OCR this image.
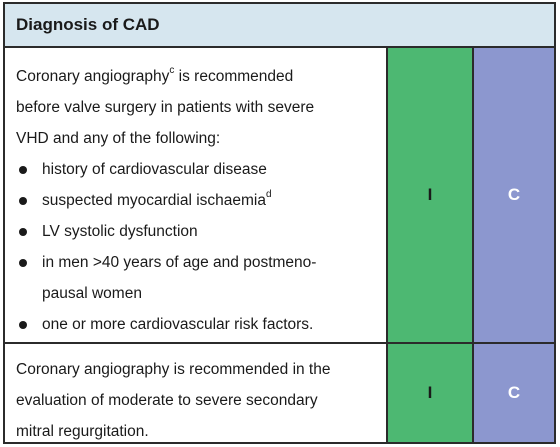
Diagnosis of CAD
Coronary angiography$^c$ is recommended
before valve surgery in patients with severe
VHD and any of the following:
history of cardiovascular disease
suspected myocardial ischaemia$^d$
LV systolic dysfunction
in men >40 years of age and postmeno-
pausal women
one or more cardiovascular risk factors.
I	C
Coronary angiography is recommended in the
evaluation of moderate to severe secondary
mitral regurgitation.
I	C
